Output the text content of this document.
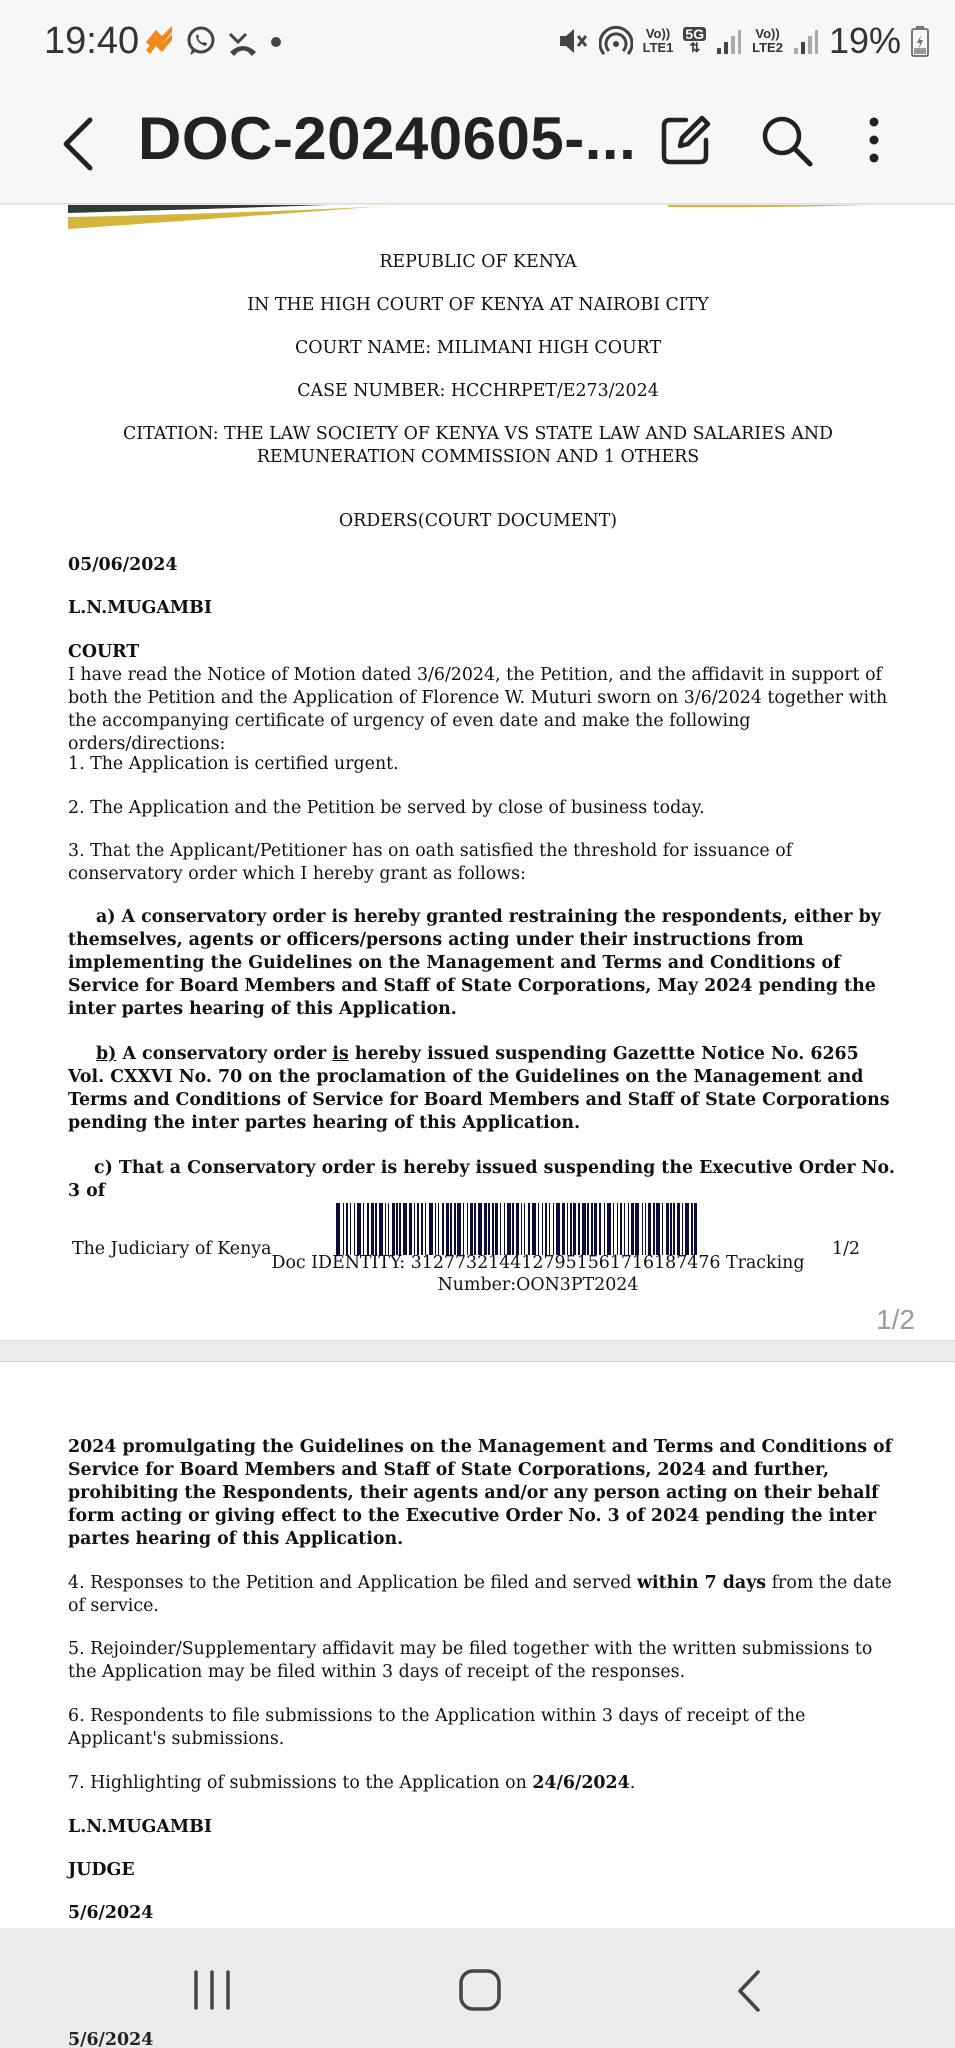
19:40	Vo))
LTE1
5G
⇅
Vo))
LTE2 19%
DOC-20240605-...
REPUBLIC OF KENYA
IN THE HIGH COURT OF KENYA AT NAIROBI CITY
COURT NAME: MILIMANI HIGH COURT
CASE NUMBER: HCCHRPET/E273/2024
CITATION: THE LAW SOCIETY OF KENYA VS STATE LAW AND SALARIES AND REMUNERATION COMMISSION AND 1 OTHERS
ORDERS(COURT DOCUMENT)
05/06/2024
L.N.MUGAMBI
COURT
I have read the Notice of Motion dated 3/6/2024, the Petition, and the affidavit in support of both the Petition and the Application of Florence W. Muturi sworn on 3/6/2024 together with the accompanying certificate of urgency of even date and make the following orders/directions:
1. The Application is certified urgent.
2. The Application and the Petition be served by close of business today.
3. That the Applicant/Petitioner has on oath satisfied the threshold for issuance of conservatory order which I hereby grant as follows:
a) A conservatory order is hereby granted restraining the respondents, either by themselves, agents or officers/persons acting under their instructions from implementing the Guidelines on the Management and Terms and Conditions of Service for Board Members and Staff of State Corporations, May 2024 pending the inter partes hearing of this Application.
b) A conservatory order is hereby issued suspending Gazettte Notice No. 6265 Vol. CXXVI No. 70 on the proclamation of the Guidelines on the Management and Terms and Conditions of Service for Board Members and Staff of State Corporations pending the inter partes hearing of this Application.
c) That a Conservatory order is hereby issued suspending the Executive Order No. 3 of
The Judiciary of Kenya
Doc IDENTITY: 3127732144127951561716187476 Tracking Number:OON3PT2024
1/2
1/2
2024 promulgating the Guidelines on the Management and Terms and Conditions of Service for Board Members and Staff of State Corporations, 2024 and further, prohibiting the Respondents, their agents and/or any person acting on their behalf form acting or giving effect to the Executive Order No. 3 of 2024 pending the inter partes hearing of this Application.
4. Responses to the Petition and Application be filed and served within 7 days from the date of service.
5. Rejoinder/Supplementary affidavit may be filed together with the written submissions to the Application may be filed within 3 days of receipt of the responses.
6. Respondents to file submissions to the Application within 3 days of receipt of the Applicant's submissions.
7. Highlighting of submissions to the Application on 24/6/2024.
L.N.MUGAMBI
JUDGE
5/6/2024
5/6/2024
